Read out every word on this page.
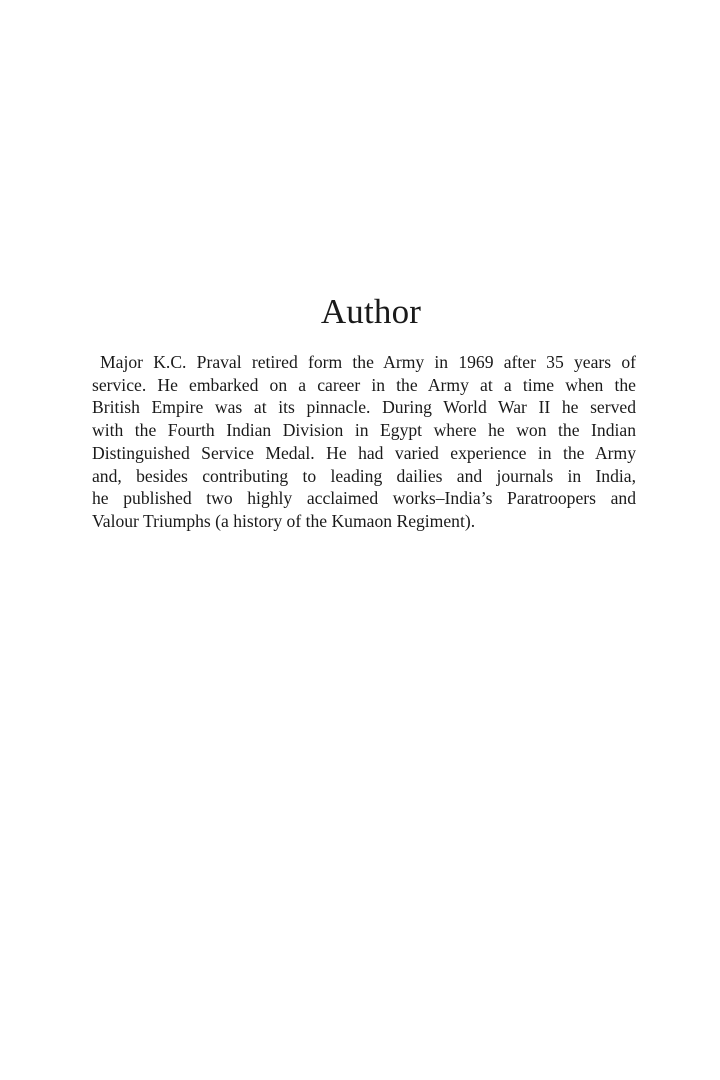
Author

Major K.C. Praval retired form the Army in 1969 after 35 years of
service. He embarked on a career in the Army at a time when the
British Empire was at its pinnacle. During World War II he served
with the Fourth Indian Division in Egypt where he won the Indian
Distinguished Service Medal. He had varied experience in the Army
and, besides contributing to leading dailies and journals in India,
he published two highly acclaimed works–India’s Paratroopers and
Valour Triumphs (a history of the Kumaon Regiment).
